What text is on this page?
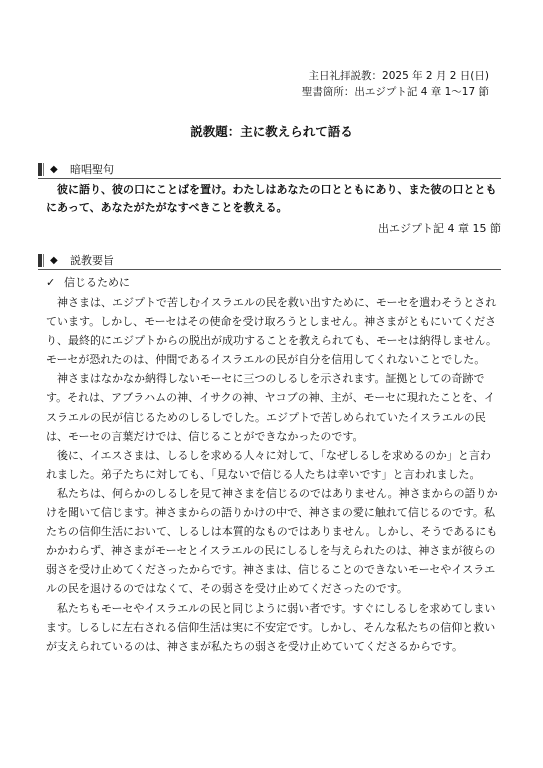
主日礼拝説教：2025 年 2 月 2 日(日)
聖書箇所：出エジプト記 4 章 1～17 節
説教題：主に教えられて語る
◆ 暗唱聖句
彼に語り、彼の口にことばを置け。わたしはあなたの口とともにあり、また彼の口とともにあって、あなたがたがなすべきことを教える。
出エジプト記 4 章 15 節
◆ 説教要旨
✓ 信じるために

神さまは、エジプトで苦しむイスラエルの民を救い出すために、モーセを遣わそうとされています。しかし、モーセはその使命を受け取ろうとしません。神さまがともにいてくださり、最終的にエジプトからの脱出が成功することを教えられても、モーセは納得しません。モーセが恐れたのは、仲間であるイスラエルの民が自分を信用してくれないことでした。

神さまはなかなか納得しないモーセに三つのしるしを示されます。証拠としての奇跡です。それは、アブラハムの神、イサクの神、ヤコブの神、主が、モーセに現れたことを、イスラエルの民が信じるためのしるしでした。エジプトで苦しめられていたイスラエルの民は、モーセの言葉だけでは、信じることができなかったのです。

後に、イエスさまは、しるしを求める人々に対して、「なぜしるしを求めるのか」と言われました。弟子たちに対しても、「見ないで信じる人たちは幸いです」と言われました。

私たちは、何らかのしるしを見て神さまを信じるのではありません。神さまからの語りかけを聞いて信じます。神さまからの語りかけの中で、神さまの愛に触れて信じるのです。私たちの信仰生活において、しるしは本質的なものではありません。しかし、そうであるにもかかわらず、神さまがモーセとイスラエルの民にしるしを与えられたのは、神さまが彼らの弱さを受け止めてくださったからです。神さまは、信じることのできないモーセやイスラエルの民を退けるのではなくて、その弱さを受け止めてくださったのです。

私たちもモーセやイスラエルの民と同じように弱い者です。すぐにしるしを求めてしまいます。しるしに左右される信仰生活は実に不安定です。しかし、そんな私たちの信仰と救いが支えられているのは、神さまが私たちの弱さを受け止めていてくださるからです。
